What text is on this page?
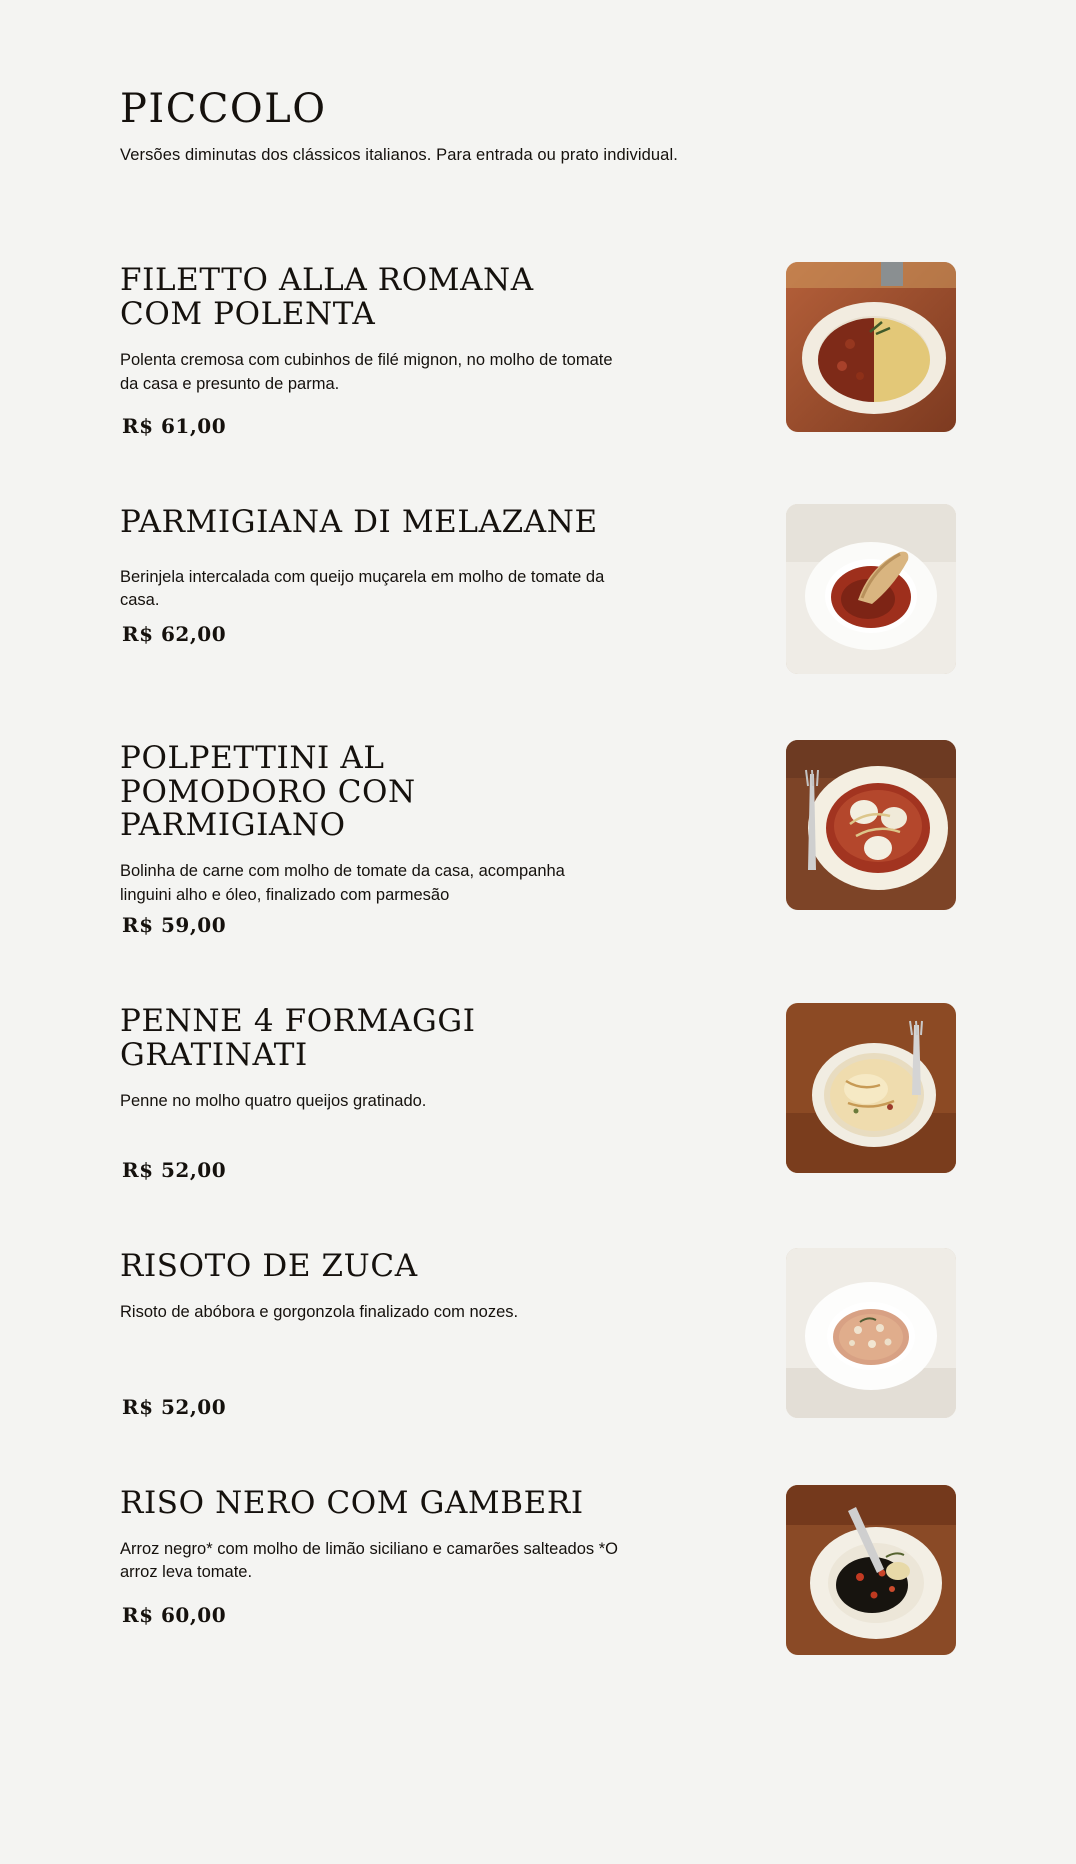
PICCOLO

Versões diminutas dos clássicos italianos. Para entrada ou prato individual.

FILETTO ALLA ROMANA COM POLENTA

Polenta cremosa com cubinhos de filé mignon, no molho de tomate da casa e presunto de parma.

R$ 61,00

PARMIGIANA DI MELAZANE

Berinjela intercalada com queijo muçarela em molho de tomate da casa.

R$ 62,00

POLPETTINI AL POMODORO CON PARMIGIANO

Bolinha de carne com molho de tomate da casa, acompanha linguini alho e óleo, finalizado com parmesão

R$ 59,00

PENNE 4 FORMAGGI GRATINATI

Penne no molho quatro queijos gratinado.

R$ 52,00

RISOTO DE ZUCA

Risoto de abóbora e gorgonzola finalizado com nozes.

R$ 52,00

RISO NERO COM GAMBERI

Arroz negro* com molho de limão siciliano e camarões salteados *O arroz leva tomate.

R$ 60,00
